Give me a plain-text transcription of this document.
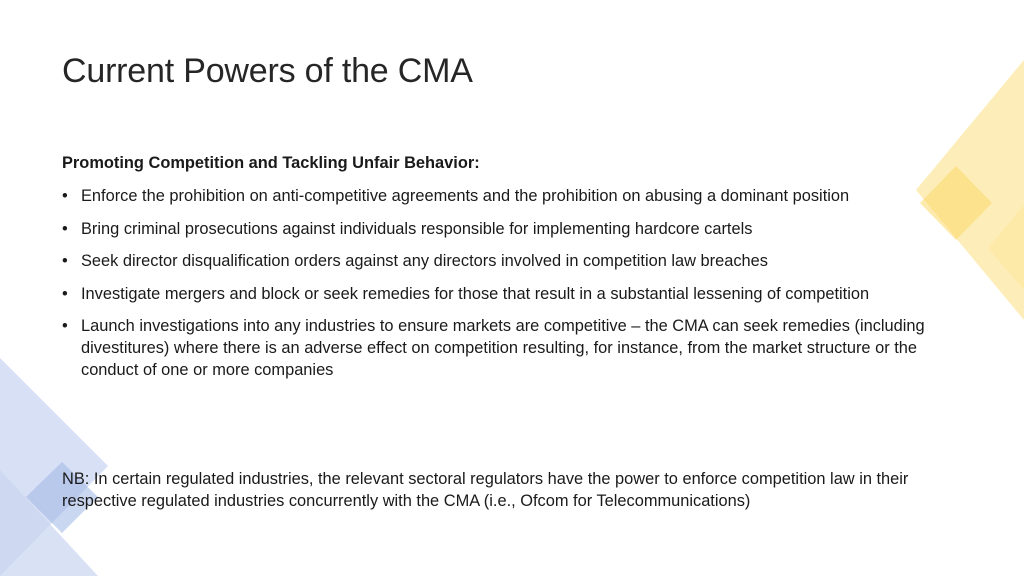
Current Powers of the CMA

Promoting Competition and Tackling Unfair Behavior:

• Enforce the prohibition on anti-competitive agreements and the prohibition on abusing a dominant position
• Bring criminal prosecutions against individuals responsible for implementing hardcore cartels
• Seek director disqualification orders against any directors involved in competition law breaches
• Investigate mergers and block or seek remedies for those that result in a substantial lessening of competition
• Launch investigations into any industries to ensure markets are competitive – the CMA can seek remedies (including divestitures) where there is an adverse effect on competition resulting, for instance, from the market structure or the conduct of one or more companies

NB: In certain regulated industries, the relevant sectoral regulators have the power to enforce competition law in their respective regulated industries concurrently with the CMA (i.e., Ofcom for Telecommunications)
